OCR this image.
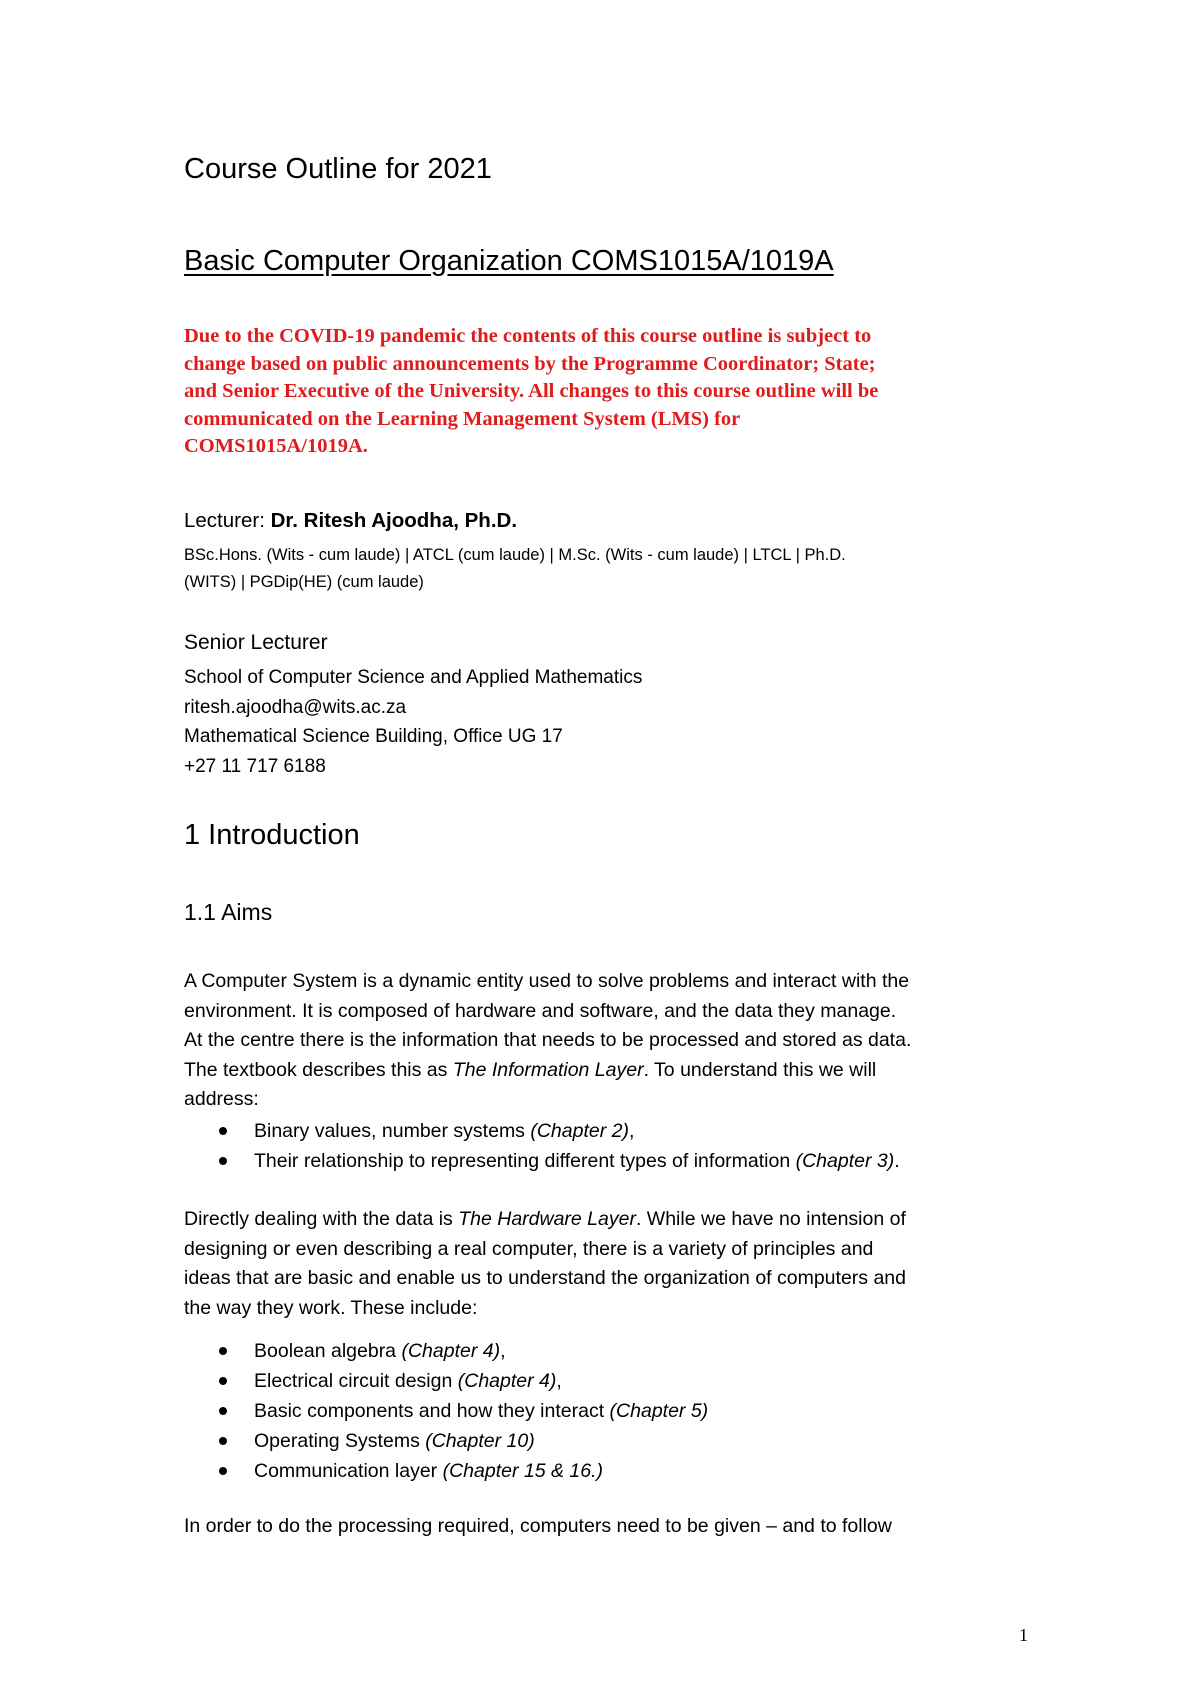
Course Outline for 2021
Basic Computer Organization COMS1015A/1019A

Due to the COVID-19 pandemic the contents of this course outline is subject to

change based on public announcements by the Programme Coordinator; State;

and Senior Executive of the University. All changes to this course outline will be

communicated on the Learning Management System (LMS) for

COMS1015A/1019A.

Lecturer: Dr. Ritesh Ajoodha, Ph.D.
BSc.Hons. (Wits - cum laude) | ATCL (cum laude) | M.Sc. (Wits - cum laude) | LTCL | Ph.D.
(WITS) | PGDip(HE) (cum laude)
Senior Lecturer
School of Computer Science and Applied Mathematics
ritesh.ajoodha@wits.ac.za
Mathematical Science Building, Office UG 17
+27 11 717 6188
1 Introduction
1.1 Aims

A Computer System is a dynamic entity used to solve problems and interact with the

environment. It is composed of hardware and software, and the data they manage.

At the centre there is the information that needs to be processed and stored as data.

The textbook describes this as The Information Layer. To understand this we will

address:

Binary values, number systems (Chapter 2),
Their relationship to representing different types of information (Chapter 3).

Directly dealing with the data is The Hardware Layer. While we have no intension of

designing or even describing a real computer, there is a variety of principles and

ideas that are basic and enable us to understand the organization of computers and

the way they work. These include:

Boolean algebra (Chapter 4),
Electrical circuit design (Chapter 4),
Basic components and how they interact (Chapter 5)
Operating Systems (Chapter 10)
Communication layer (Chapter 15 & 16.)

In order to do the processing required, computers need to be given – and to follow

1
